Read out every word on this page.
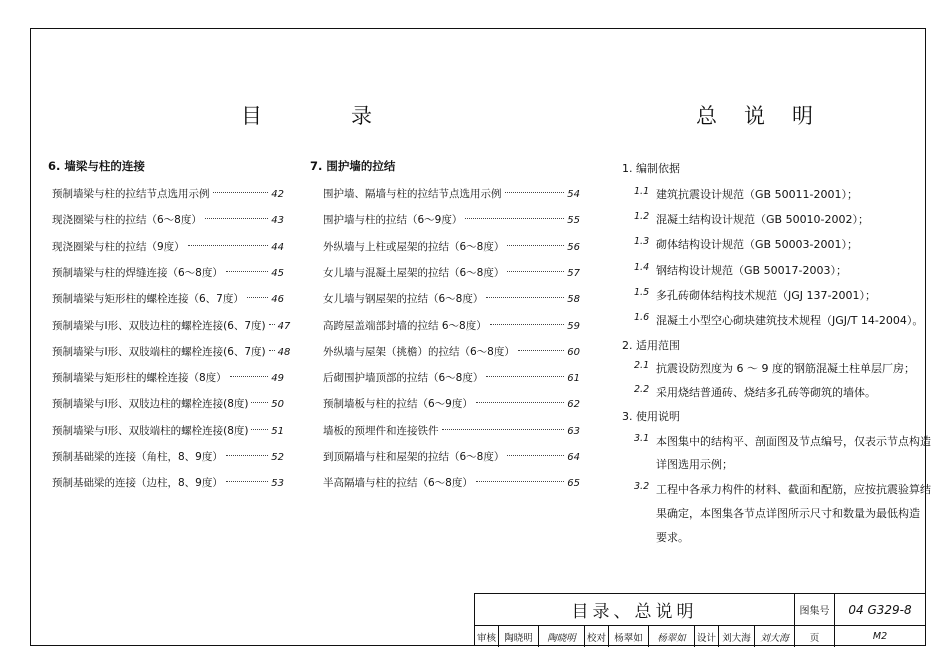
目	录	总 说 明
6. 墙梁与柱的连接
预制墙梁与柱的拉结节点选用示例	42
现浇圈梁与柱的拉结（6～8度）	43
现浇圈梁与柱的拉结（9度）	44
预制墙梁与柱的焊缝连接（6～8度）	45
预制墙梁与矩形柱的螺栓连接（6、7度）	46
预制墙梁与I形、双肢边柱的螺栓连接(6、7度) 47
预制墙梁与I形、双肢端柱的螺栓连接(6、7度) 48
预制墙梁与矩形柱的螺栓连接（8度）	49
预制墙梁与I形、双肢边柱的螺栓连接(8度) 50
预制墙梁与I形、双肢端柱的螺栓连接(8度) 51
预制基础梁的连接（角柱，8、9度）	52
预制基础梁的连接（边柱，8、9度）	53
7. 围护墙的拉结
围护墙、隔墙与柱的拉结节点选用示例	54
围护墙与柱的拉结（6～9度）	55
外纵墙与上柱或屋架的拉结（6～8度）	56
女儿墙与混凝土屋架的拉结（6～8度）	57
女儿墙与钢屋架的拉结（6～8度）	58
高跨屋盖端部封墙的拉结 6～8度）	59
外纵墙与屋架（挑檐）的拉结（6～8度）	60
后砌围护墙顶部的拉结（6～8度）	61
预制墙板与柱的拉结（6～9度）	62
墙板的预埋件和连接铁件	63
到顶隔墙与柱和屋架的拉结（6～8度）	64
半高隔墙与柱的拉结（6～8度）	65
1. 编制依据
1.1 建筑抗震设计规范（GB 50011-2001）；
1.2 混凝土结构设计规范（GB 50010-2002）；
1.3 砌体结构设计规范（GB 50003-2001）；
1.4 钢结构设计规范（GB 50017-2003）；
1.5 多孔砖砌体结构技术规范（JGJ 137-2001）；
1.6 混凝土小型空心砌块建筑技术规程（JGJ/T 14-2004）。
2. 适用范围
2.1 抗震设防烈度为 6 ～ 9 度的钢筋混凝土柱单层厂房；
2.2 采用烧结普通砖、烧结多孔砖等砌筑的墙体。
3. 使用说明
3.1 本图集中的结构平、剖面图及节点编号，仅表示节点构造
详图选用示例；
3.2 工程中各承力构件的材料、截面和配筋，应按抗震验算结
果确定，本图集各节点详图所示尺寸和数量为最低构造
要求。
目录、总说明	图集号	04 G329-8
审核 陶晓明	陶晓明	校对 杨翠如	杨翠如	设计 刘大海 刘大海	页	M2
